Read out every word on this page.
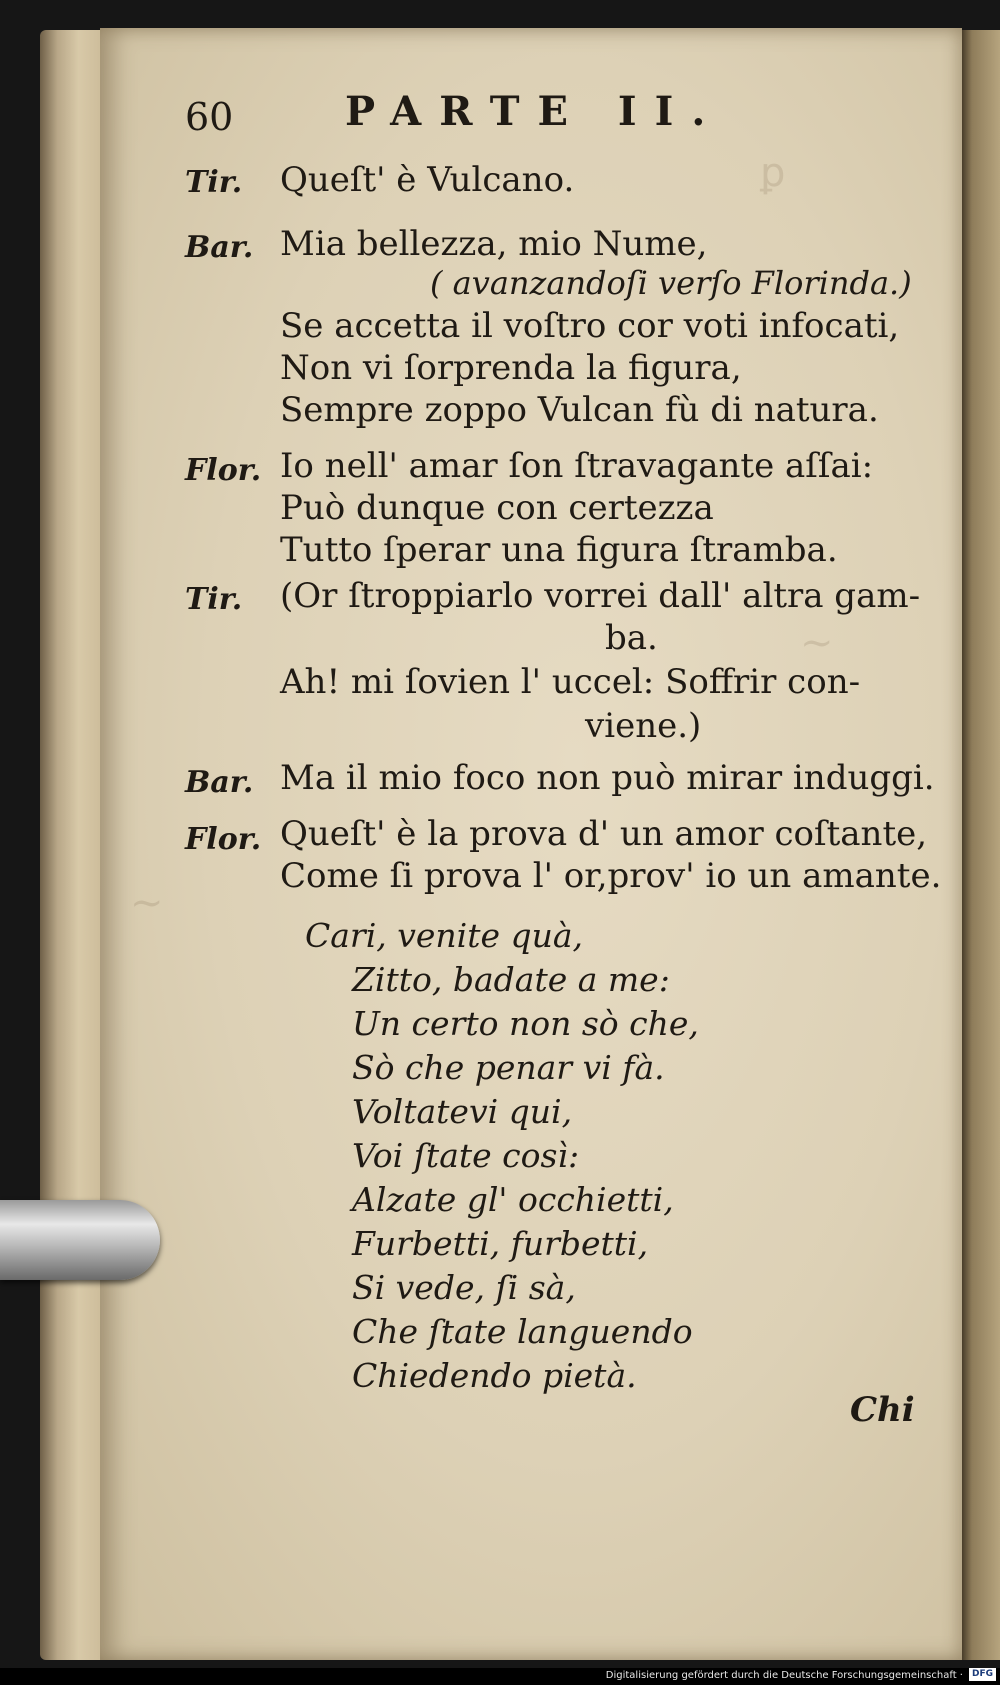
ꝑ
~
~
60	PARTE II.
Tir. Queſt' è Vulcano.
Bar. Mia bellezza, mio Nume,
( avanzandoſi verſo Florinda.)
Se accetta il voſtro cor voti infocati,
Non vi ſorprenda la figura,
Sempre zoppo Vulcan fù di natura.
Flor. Io nell' amar ſon ſtravagante aſſai:
Può dunque con certezza
Tutto ſperar una figura ſtramba.
Tir. (Or ſtroppiarlo vorrei dall' altra gam-
ba.
Ah! mi ſovien l' uccel: Soffrir con-
viene.)
Bar. Ma il mio foco non può mirar induggi.
Flor. Queſt' è la prova d' un amor coſtante,
Come ſi prova l' or,prov' io un amante.
Cari, venite quà,
Zitto, badate a me:
Un certo non sò che,
Sò che penar vi fà.
Voltatevi qui,
Voi ſtate così:
Alzate gl' occhietti,
Furbetti, furbetti,
Si vede, ſi sà,
Che ſtate languendo
Chiedendo pietà.
Chi
Digitalisierung gefördert durch die Deutsche Forschungsgemeinschaft · DFG
